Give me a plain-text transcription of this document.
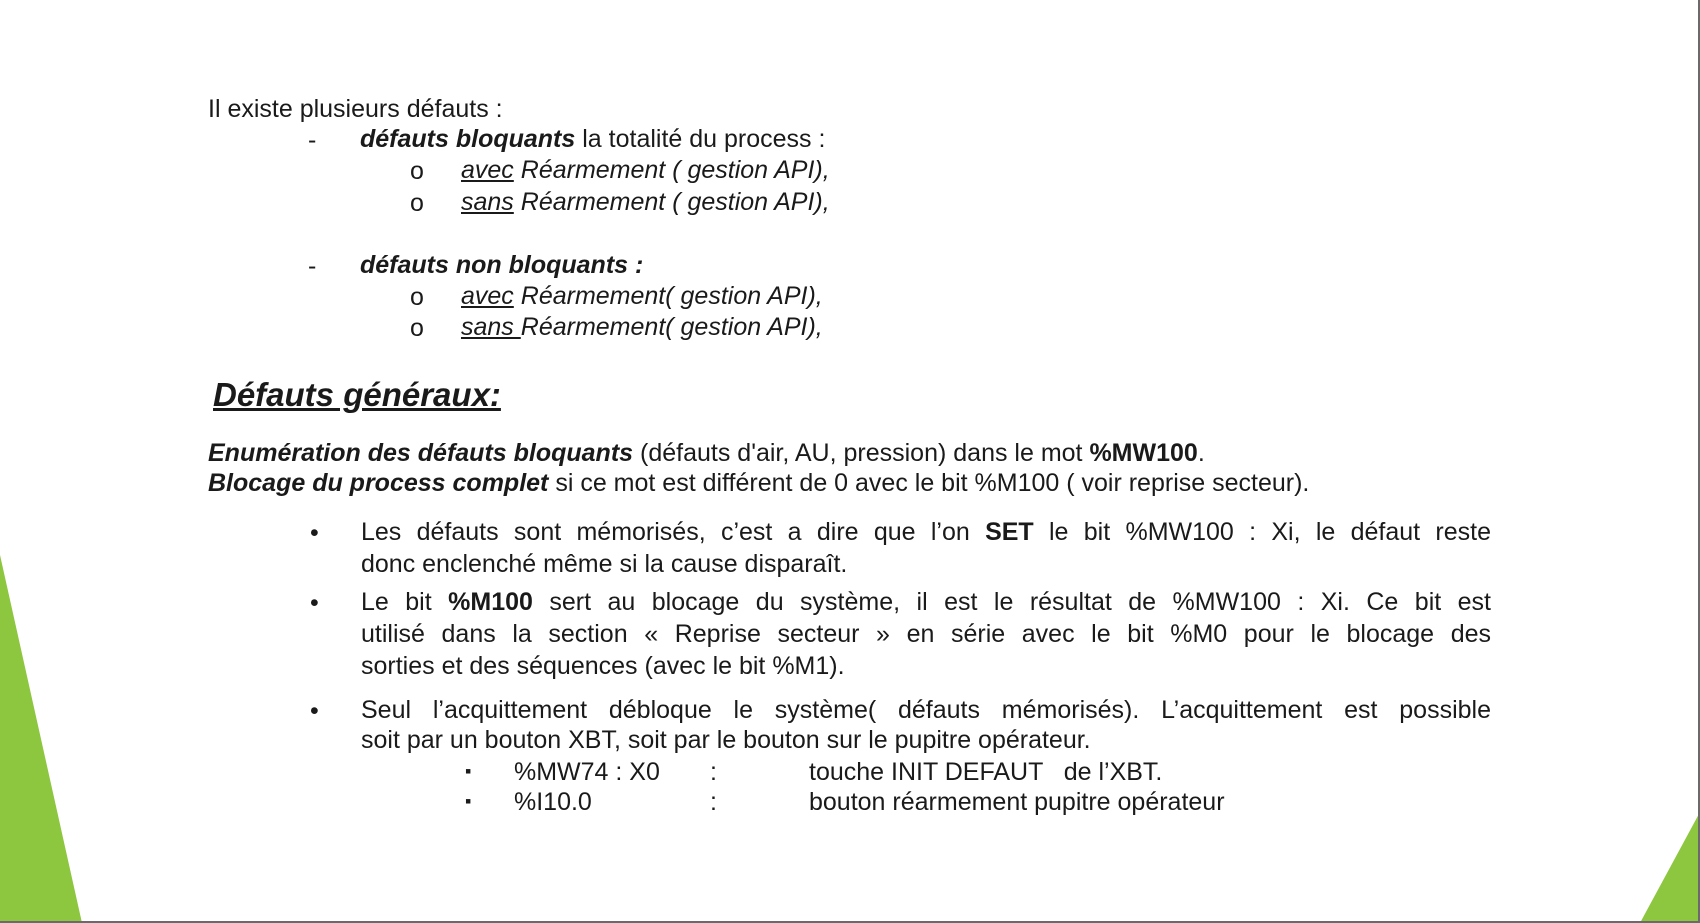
Il existe plusieurs défauts :
- défauts bloquants la totalité du process :
o avec Réarmement ( gestion API),
o sans Réarmement ( gestion API),
- défauts non bloquants :
o avec Réarmement( gestion API),
o sans Réarmement( gestion API),
Défauts généraux:
Enumération des défauts bloquants (défauts d'air, AU, pression) dans le mot %MW100.
Blocage du process complet si ce mot est différent de 0 avec le bit %M100 ( voir reprise secteur).
• Les défauts sont mémorisés, c’est a dire que l’on SET le bit %MW100 : Xi, le défaut reste
donc enclenché même si la cause disparaît.
• Le bit %M100 sert au blocage du système, il est le résultat de %MW100 : Xi. Ce bit est
utilisé dans la section « Reprise secteur » en série avec le bit %M0 pour le blocage des
sorties et des séquences (avec le bit %M1).
• Seul l’acquittement débloque le système( défauts mémorisés). L’acquittement est possible
soit par un bouton XBT, soit par le bouton sur le pupitre opérateur.
▪ %MW74 : X0 :	touche INIT DEFAUT   de l’XBT.
▪ %I10.0	:	bouton réarmement pupitre opérateur
